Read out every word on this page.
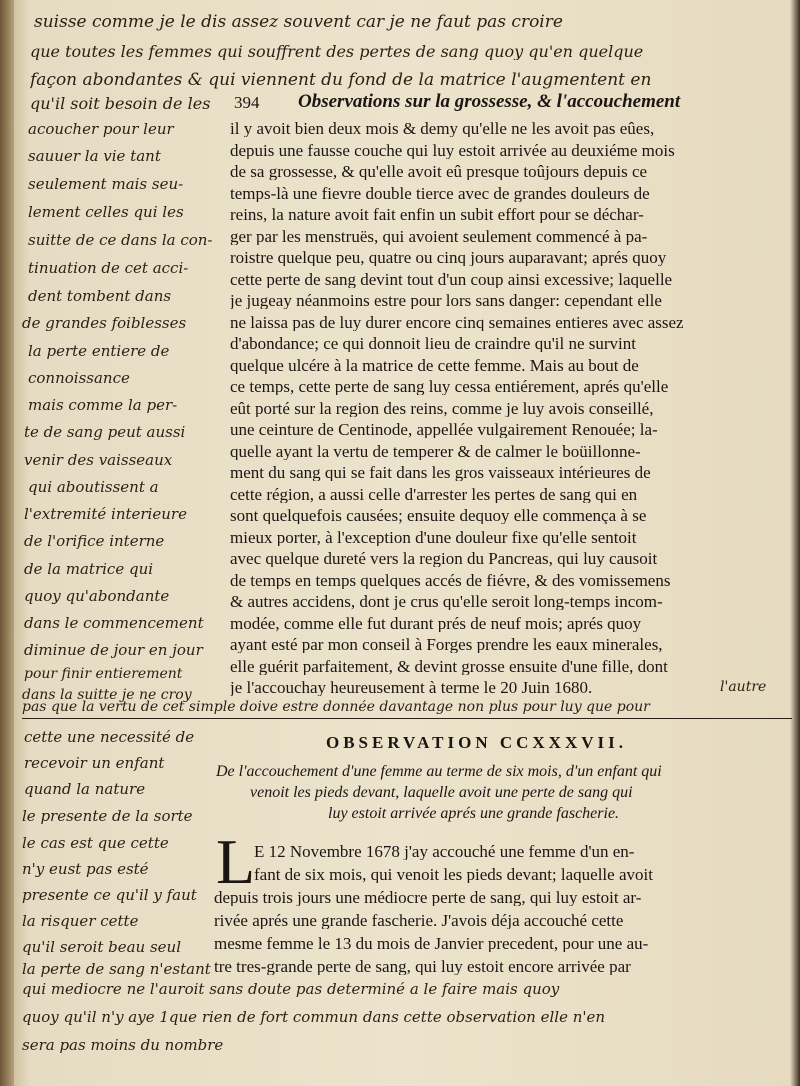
suisse comme je le dis assez souvent car je ne faut pas croire
que toutes les femmes qui souffrent des pertes de sang quoy qu'en quelque
façon abondantes & qui viennent du fond de la matrice l'augmentent en
qu'il soit besoin de les	394 Observations sur la grossesse, & l'accouchement
acoucher pour leur
sauuer la vie tant
seulement mais seu-
lement celles qui les
suitte de ce dans la con-
tinuation de cet acci-
dent tombent dans
de grandes foiblesses
la perte entiere de
connoissance
mais comme la per-
te de sang peut aussi
venir des vaisseaux
qui aboutissent a
l'extremité interieure
de l'orifice interne
de la matrice qui
quoy qu'abondante
dans le commencement
diminue de jour en jour
pour finir entierement
dans la suitte je ne croy
il y avoit bien deux mois & demy qu'elle ne les avoit pas eûes,
depuis une fausse couche qui luy estoit arrivée au deuxiéme mois
de sa grossesse, & qu'elle avoit eû presque toûjours depuis ce
temps-là une fievre double tierce avec de grandes douleurs de
reins, la nature avoit fait enfin un subit effort pour se déchar-
ger par les menstruës, qui avoient seulement commencé à pa-
roistre quelque peu, quatre ou cinq jours auparavant; aprés quoy
cette perte de sang devint tout d'un coup ainsi excessive; laquelle
je jugeay néanmoins estre pour lors sans danger: cependant elle
ne laissa pas de luy durer encore cinq semaines entieres avec assez
d'abondance; ce qui donnoit lieu de craindre qu'il ne survint
quelque ulcére à la matrice de cette femme. Mais au bout de
ce temps, cette perte de sang luy cessa entiérement, aprés qu'elle
eût porté sur la region des reins, comme je luy avois conseillé,
une ceinture de Centinode, appellée vulgairement Renouée; la-
quelle ayant la vertu de temperer & de calmer le boüillonne-
ment du sang qui se fait dans les gros vaisseaux intérieures de
cette région, a aussi celle d'arrester les pertes de sang qui en
sont quelquefois causées; ensuite dequoy elle commença à se
mieux porter, à l'exception d'une douleur fixe qu'elle sentoit
avec quelque dureté vers la region du Pancreas, qui luy causoit
de temps en temps quelques accés de fiévre, & des vomissemens
& autres accidens, dont je crus qu'elle seroit long-temps incom-
modée, comme elle fut durant prés de neuf mois; aprés quoy
ayant esté par mon conseil à Forges prendre les eaux minerales,
elle guérit parfaitement, & devint grosse ensuite d'une fille, dont
je l'accouchay heureusement à terme le 20 Juin 1680.	l'autre
pas que la vertu de cet simple doive estre donnée davantage non plus pour luy que pour
cette une necessité de
recevoir un enfant
quand la nature
le presente de la sorte
le cas est que cette
n'y eust pas esté
presente ce qu'il y faut
la risquer cette
qu'il seroit beau seul
la perte de sang n'estant
OBSERVATION CCXXXVII.
De l'accouchement d'une femme au terme de six mois, d'un enfant qui
venoit les pieds devant, laquelle avoit une perte de sang qui
luy estoit arrivée aprés une grande fascherie.
L
E 12 Novembre 1678 j'ay accouché une femme d'un en-
fant de six mois, qui venoit les pieds devant; laquelle avoit
depuis trois jours une médiocre perte de sang, qui luy estoit ar-
rivée aprés une grande fascherie. J'avois déja accouché cette
mesme femme le 13 du mois de Janvier precedent, pour une au-
tre tres-grande perte de sang, qui luy estoit encore arrivée par
qui mediocre ne l'auroit sans doute pas determiné a le faire mais quoy
quoy qu'il n'y aye 1que rien de fort commun dans cette observation elle n'en
sera pas moins du nombre
